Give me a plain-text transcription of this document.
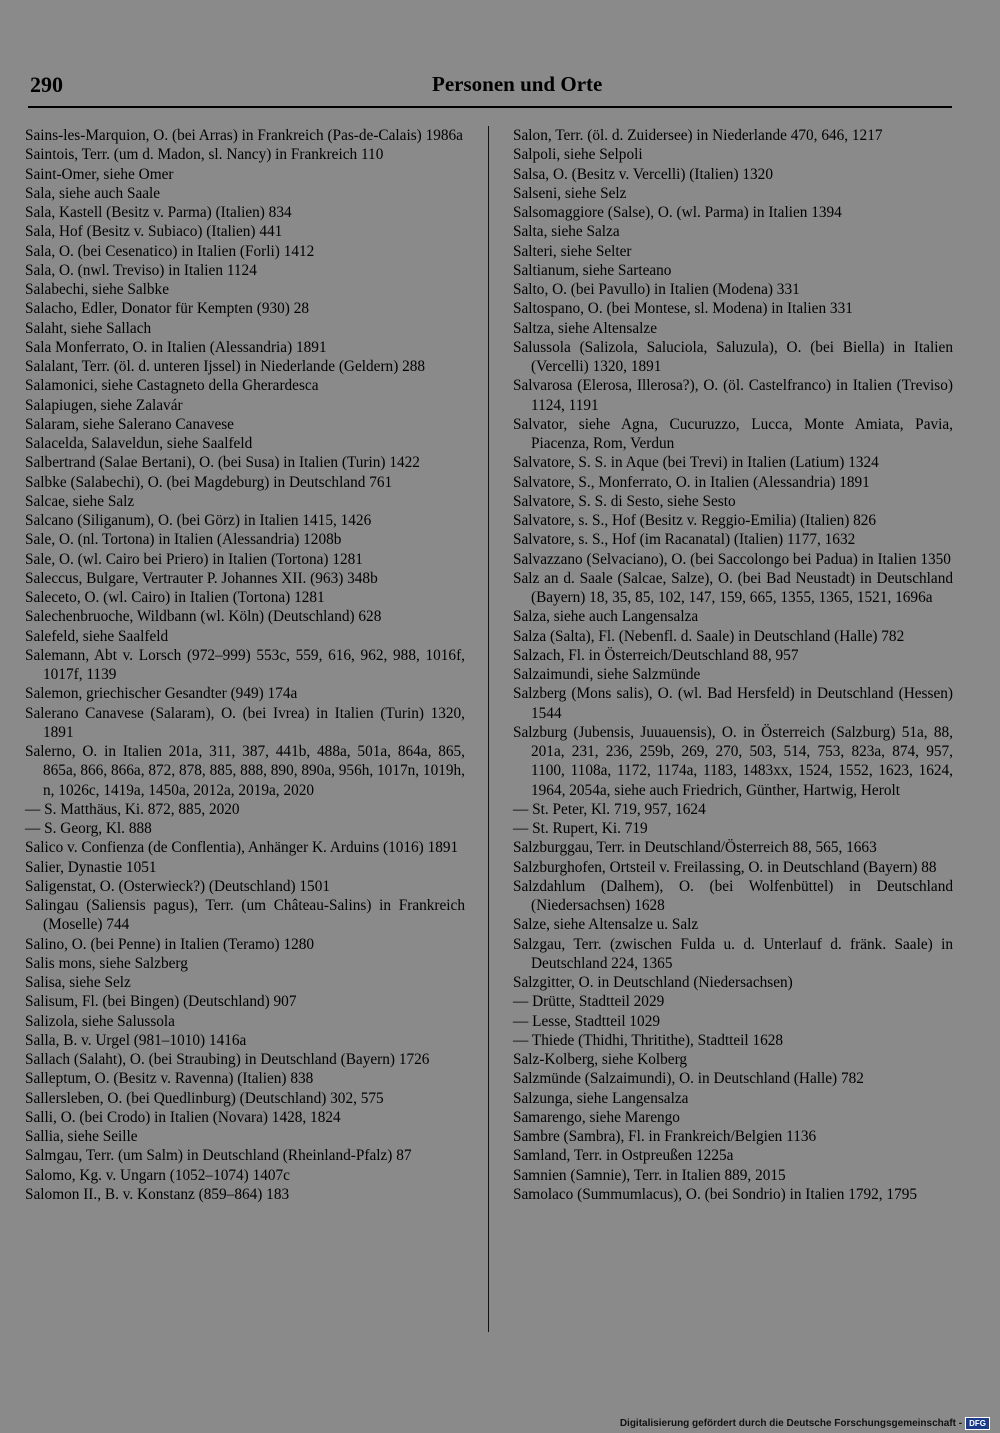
290	Personen und Orte
Sains-les-Marquion, O. (bei Arras) in Frankreich (Pas-de-Calais) 1986a
Saintois, Terr. (um d. Madon, sl. Nancy) in Frankreich 110
Saint-Omer, siehe Omer
Sala, siehe auch Saale
Sala, Kastell (Besitz v. Parma) (Italien) 834
Sala, Hof (Besitz v. Subiaco) (Italien) 441
Sala, O. (bei Cesenatico) in Italien (Forli) 1412
Sala, O. (nwl. Treviso) in Italien 1124
Salabechi, siehe Salbke
Salacho, Edler, Donator für Kempten (930) 28
Salaht, siehe Sallach
Sala Monferrato, O. in Italien (Alessandria) 1891
Salalant, Terr. (öl. d. unteren Ijssel) in Niederlande (Geldern) 288
Salamonici, siehe Castagneto della Gherardesca
Salapiugen, siehe Zalavár
Salaram, siehe Salerano Canavese
Salacelda, Salaveldun, siehe Saalfeld
Salbertrand (Salae Bertani), O. (bei Susa) in Italien (Turin) 1422
Salbke (Salabechi), O. (bei Magdeburg) in Deutschland 761
Salcae, siehe Salz
Salcano (Siliganum), O. (bei Görz) in Italien 1415, 1426
Sale, O. (nl. Tortona) in Italien (Alessandria) 1208b
Sale, O. (wl. Cairo bei Priero) in Italien (Tortona) 1281
Saleccus, Bulgare, Vertrauter P. Johannes XII. (963) 348b
Saleceto, O. (wl. Cairo) in Italien (Tortona) 1281
Salechenbruoche, Wildbann (wl. Köln) (Deutschland) 628
Salefeld, siehe Saalfeld
Salemann, Abt v. Lorsch (972–999) 553c, 559, 616, 962, 988, 1016f, 1017f, 1139
Salemon, griechischer Gesandter (949) 174a
Salerano Canavese (Salaram), O. (bei Ivrea) in Italien (Turin) 1320, 1891
Salerno, O. in Italien 201a, 311, 387, 441b, 488a, 501a, 864a, 865, 865a, 866, 866a, 872, 878, 885, 888, 890, 890a, 956h, 1017n, 1019h, n, 1026c, 1419a, 1450a, 2012a, 2019a, 2020
— S. Matthäus, Ki. 872, 885, 2020
— S. Georg, Kl. 888
Salico v. Confienza (de Conflentia), Anhänger K. Arduins (1016) 1891
Salier, Dynastie 1051
Saligenstat, O. (Osterwieck?) (Deutschland) 1501
Salingau (Saliensis pagus), Terr. (um Château-Salins) in Frankreich (Moselle) 744
Salino, O. (bei Penne) in Italien (Teramo) 1280
Salis mons, siehe Salzberg
Salisa, siehe Selz
Salisum, Fl. (bei Bingen) (Deutschland) 907
Salizola, siehe Salussola
Salla, B. v. Urgel (981–1010) 1416a
Sallach (Salaht), O. (bei Straubing) in Deutschland (Bayern) 1726
Salleptum, O. (Besitz v. Ravenna) (Italien) 838
Sallersleben, O. (bei Quedlinburg) (Deutschland) 302, 575
Salli, O. (bei Crodo) in Italien (Novara) 1428, 1824
Sallia, siehe Seille
Salmgau, Terr. (um Salm) in Deutschland (Rheinland-Pfalz) 87
Salomo, Kg. v. Ungarn (1052–1074) 1407c
Salomon II., B. v. Konstanz (859–864) 183
Salon, Terr. (öl. d. Zuidersee) in Niederlande 470, 646, 1217
Salpoli, siehe Selpoli
Salsa, O. (Besitz v. Vercelli) (Italien) 1320
Salseni, siehe Selz
Salsomaggiore (Salse), O. (wl. Parma) in Italien 1394
Salta, siehe Salza
Salteri, siehe Selter
Saltianum, siehe Sarteano
Salto, O. (bei Pavullo) in Italien (Modena) 331
Saltospano, O. (bei Montese, sl. Modena) in Italien 331
Saltza, siehe Altensalze
Salussola (Salizola, Saluciola, Saluzula), O. (bei Biella) in Italien (Vercelli) 1320, 1891
Salvarosa (Elerosa, Illerosa?), O. (öl. Castelfranco) in Italien (Treviso) 1124, 1191
Salvator, siehe Agna, Cucuruzzo, Lucca, Monte Amiata, Pavia, Piacenza, Rom, Verdun
Salvatore, S. S. in Aque (bei Trevi) in Italien (Latium) 1324
Salvatore, S., Monferrato, O. in Italien (Alessandria) 1891
Salvatore, S. S. di Sesto, siehe Sesto
Salvatore, s. S., Hof (Besitz v. Reggio-Emilia) (Italien) 826
Salvatore, s. S., Hof (im Racanatal) (Italien) 1177, 1632
Salvazzano (Selvaciano), O. (bei Saccolongo bei Padua) in Italien 1350
Salz an d. Saale (Salcae, Salze), O. (bei Bad Neustadt) in Deutschland (Bayern) 18, 35, 85, 102, 147, 159, 665, 1355, 1365, 1521, 1696a
Salza, siehe auch Langensalza
Salza (Salta), Fl. (Nebenfl. d. Saale) in Deutschland (Halle) 782
Salzach, Fl. in Österreich/Deutschland 88, 957
Salzaimundi, siehe Salzmünde
Salzberg (Mons salis), O. (wl. Bad Hersfeld) in Deutschland (Hessen) 1544
Salzburg (Jubensis, Juuauensis), O. in Österreich (Salzburg) 51a, 88, 201a, 231, 236, 259b, 269, 270, 503, 514, 753, 823a, 874, 957, 1100, 1108a, 1172, 1174a, 1183, 1483xx, 1524, 1552, 1623, 1624, 1964, 2054a, siehe auch Friedrich, Günther, Hartwig, Herolt
— St. Peter, Kl. 719, 957, 1624
— St. Rupert, Ki. 719
Salzburggau, Terr. in Deutschland/Österreich 88, 565, 1663
Salzburghofen, Ortsteil v. Freilassing, O. in Deutschland (Bayern) 88
Salzdahlum (Dalhem), O. (bei Wolfenbüttel) in Deutschland (Niedersachsen) 1628
Salze, siehe Altensalze u. Salz
Salzgau, Terr. (zwischen Fulda u. d. Unterlauf d. fränk. Saale) in Deutschland 224, 1365
Salzgitter, O. in Deutschland (Niedersachsen)
— Drütte, Stadtteil 2029
— Lesse, Stadtteil 1029
— Thiede (Thidhi, Thritithe), Stadtteil 1628
Salz-Kolberg, siehe Kolberg
Salzmünde (Salzaimundi), O. in Deutschland (Halle) 782
Salzunga, siehe Langensalza
Samarengo, siehe Marengo
Sambre (Sambra), Fl. in Frankreich/Belgien 1136
Samland, Terr. in Ostpreußen 1225a
Samnien (Samnie), Terr. in Italien 889, 2015
Samolaco (Summumlacus), O. (bei Sondrio) in Italien 1792, 1795
Digitalisierung gefördert durch die Deutsche Forschungsgemeinschaft - DFG
